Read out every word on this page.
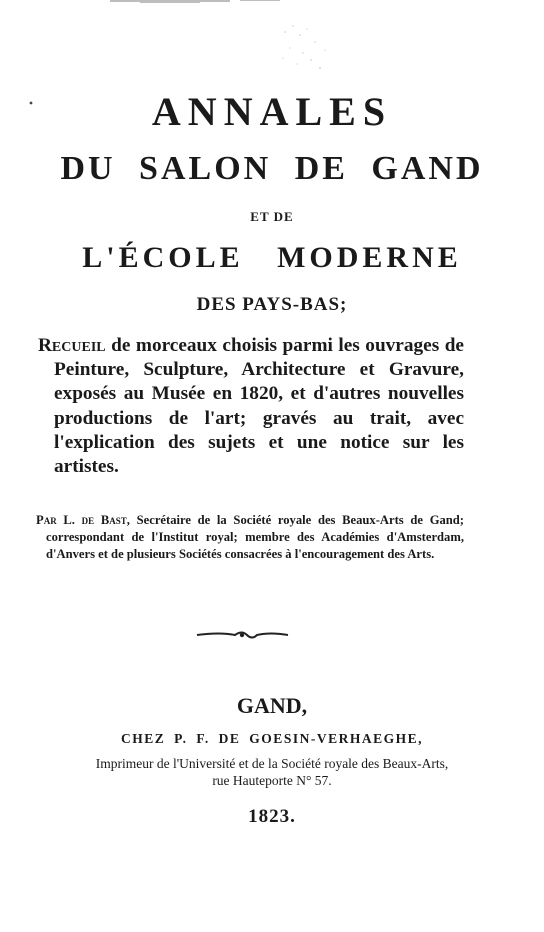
ANNALES
DU SALON DE GAND
ET DE
L'ÉCOLE MODERNE
DES PAYS-BAS;
Recueil de morceaux choisis parmi les ouvrages de Peinture, Sculpture, Architecture et Gravure, exposés au Musée en 1820, et d'autres nouvelles productions de l'art; gravés au trait, avec l'explication des sujets et une notice sur les artistes.
Par L. de Bast, Secrétaire de la Société royale des Beaux-Arts de Gand; correspondant de l'Institut royal; membre des Académies d'Amsterdam, d'Anvers et de plusieurs Sociétés consacrées à l'encouragement des Arts.
GAND,
CHEZ P. F. DE GOESIN-VERHAEGHE,
Imprimeur de l'Université et de la Société royale des Beaux-Arts,
rue Hauteporte N° 57.
1823.
